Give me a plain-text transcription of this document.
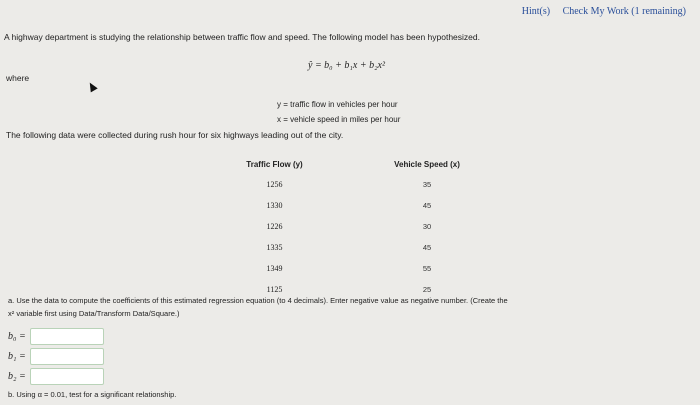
Hint(s) Check My Work (1 remaining)
A highway department is studying the relationship between traffic flow and speed. The following model has been hypothesized.
ŷ = b₀ + b₁x + b₂x²
where
y = traffic flow in vehicles per hour
x = vehicle speed in miles per hour
The following data were collected during rush hour for six highways leading out of the city.
Traffic Flow (y)		Vehicle Speed (x)
1256		35
1330		45
1226		30
1335		45
1349		55
1125		25
a. Use the data to compute the coefficients of this estimated regression equation (to 4 decimals). Enter negative value as negative number. (Create the
x² variable first using Data/Transform Data/Square.)
b₀ =
b₁ =
b₂ =
b. Using α = 0.01, test for a significant relationship.
